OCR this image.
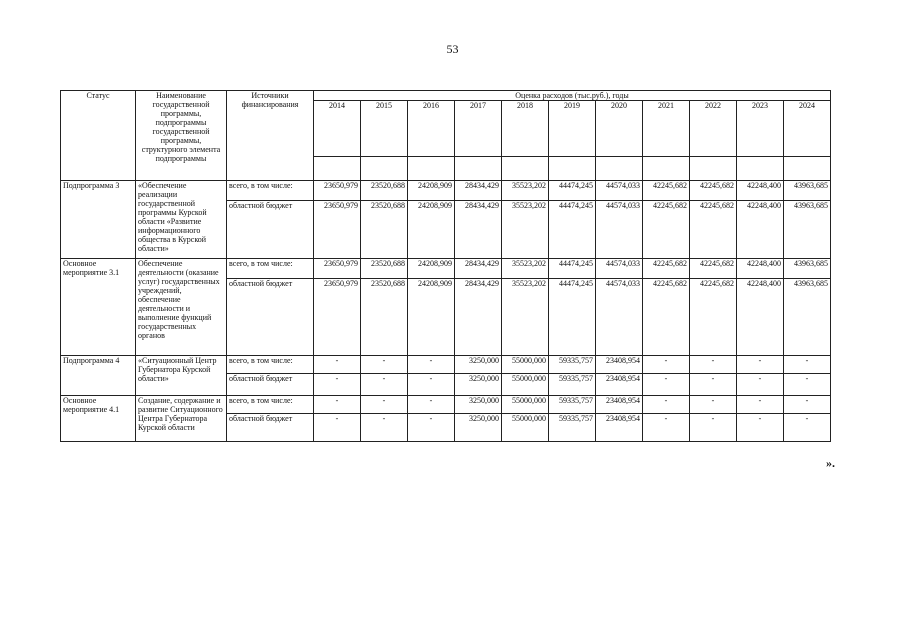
53
Статус	Наименование государственной программы, подпрограммы государственной программы, структурного элемента подпрограммы	Источники финансирования	Оценка расходов (тыс.руб.), годы										
			2014	2015	2016	2017	2018	2019	2020	2021	2022	2023	2024

Подпрограмма 3	«Обеспечение реализации государственной программы Курской области «Развитие информационного общества в Курской области»	всего, в том числе:	23650,979	23520,688	24208,909	28434,429	35523,202	44474,245	44574,033	42245,682	42245,682	42248,400	43963,685
		областной бюджет	23650,979	23520,688	24208,909	28434,429	35523,202	44474,245	44574,033	42245,682	42245,682	42248,400	43963,685
Основное мероприятие 3.1	Обеспечение деятельности (оказание услуг) государственных учреждений, обеспечение деятельности и выполнение функций государственных органов	всего, в том числе:	23650,979	23520,688	24208,909	28434,429	35523,202	44474,245	44574,033	42245,682	42245,682	42248,400	43963,685
		областной бюджет	23650,979	23520,688	24208,909	28434,429	35523,202	44474,245	44574,033	42245,682	42245,682	42248,400	43963,685
Подпрограмма 4	«Ситуационный Центр Губернатора Курской области»	всего, в том числе:	-	-	-	3250,000	55000,000	59335,757	23408,954	-	-	-	-
		областной бюджет	-	-	-	3250,000	55000,000	59335,757	23408,954	-	-	-	-
Основное мероприятие 4.1	Создание, содержание и развитие Ситуационного Центра Губернатора Курской области	всего, в том числе:	-	-	-	3250,000	55000,000	59335,757	23408,954	-	-	-	-
		областной бюджет	-	-	-	3250,000	55000,000	59335,757	23408,954	-	-	-	-
».
